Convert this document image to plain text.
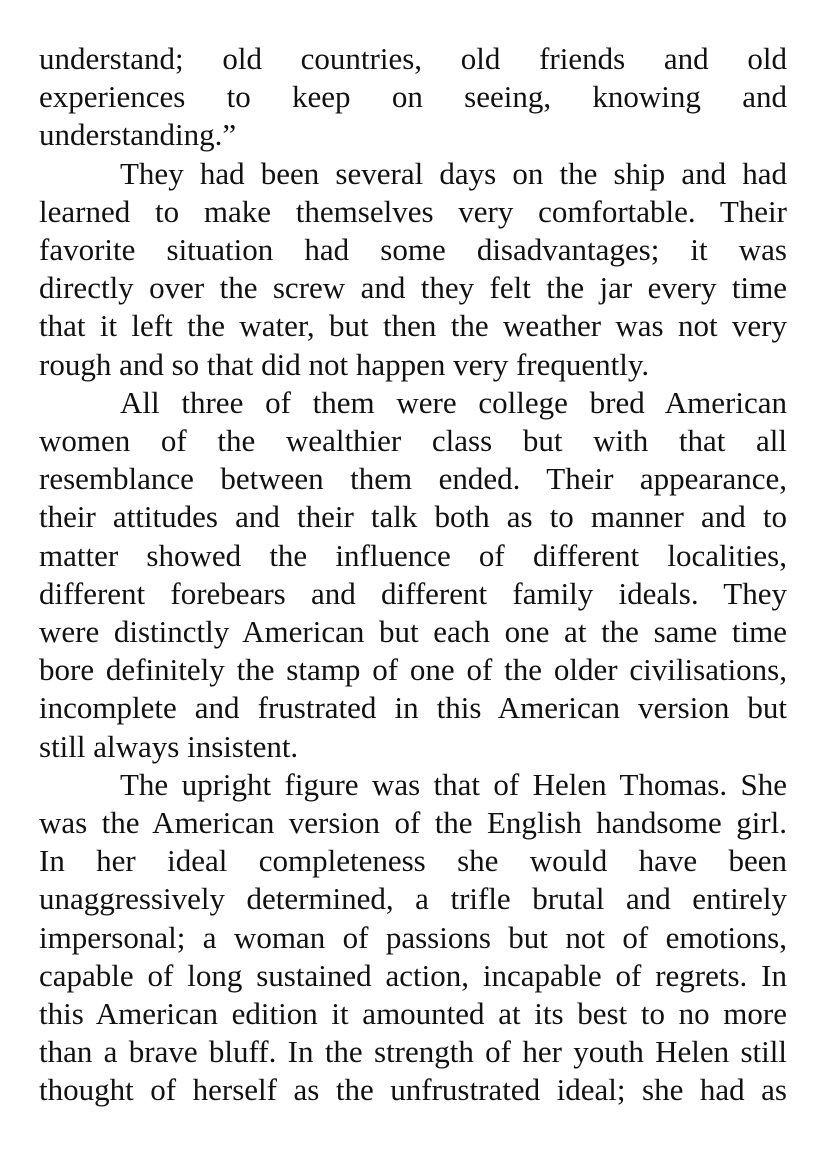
understand; old countries, old friends and old
experiences to keep on seeing, knowing and
understanding.”
They had been several days on the ship and had
learned to make themselves very comfortable. Their
favorite situation had some disadvantages; it was
directly over the screw and they felt the jar every time
that it left the water, but then the weather was not very
rough and so that did not happen very frequently.
All three of them were college bred American
women of the wealthier class but with that all
resemblance between them ended. Their appearance,
their attitudes and their talk both as to manner and to
matter showed the influence of different localities,
different forebears and different family ideals. They
were distinctly American but each one at the same time
bore definitely the stamp of one of the older civilisations,
incomplete and frustrated in this American version but
still always insistent.
The upright figure was that of Helen Thomas. She
was the American version of the English handsome girl.
In her ideal completeness she would have been
unaggressively determined, a trifle brutal and entirely
impersonal; a woman of passions but not of emotions,
capable of long sustained action, incapable of regrets. In
this American edition it amounted at its best to no more
than a brave bluff. In the strength of her youth Helen still
thought of herself as the unfrustrated ideal; she had as
